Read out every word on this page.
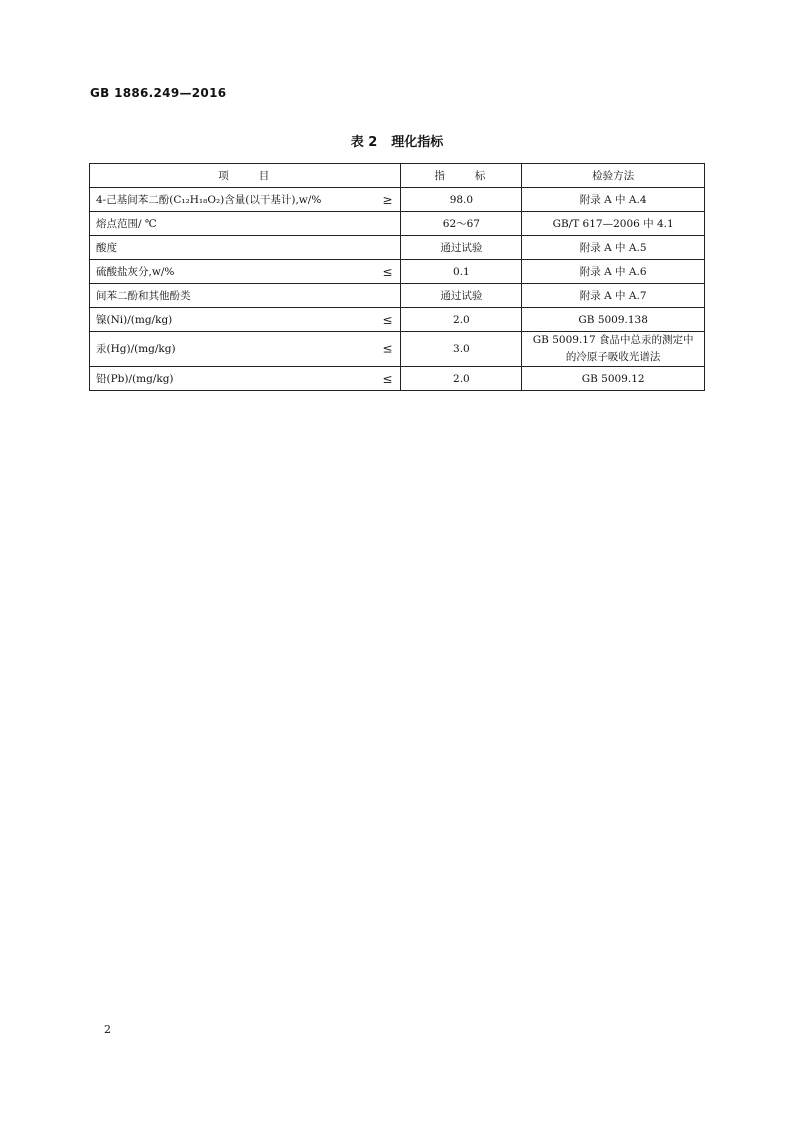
GB 1886.249—2016
表 2 理化指标
项　　目	指　　标	检验方法
4-己基间苯二酚(C₁₂H₁₈O₂)含量(以干基计),w/% ≥	98.0	附录 A 中 A.4
熔点范围/ ℃	62～67	GB/T 617—2006 中 4.1
酸度	通过试验	附录 A 中 A.5
硫酸盐灰分,w/% ≤	0.1	附录 A 中 A.6
间苯二酚和其他酚类	通过试验	附录 A 中 A.7
镍(Ni)/(mg/kg) ≤	2.0	GB 5009.138
汞(Hg)/(mg/kg) ≤	3.0	GB 5009.17 食品中总汞的测定中的冷原子吸收光谱法
铅(Pb)/(mg/kg) ≤	2.0	GB 5009.12
2
